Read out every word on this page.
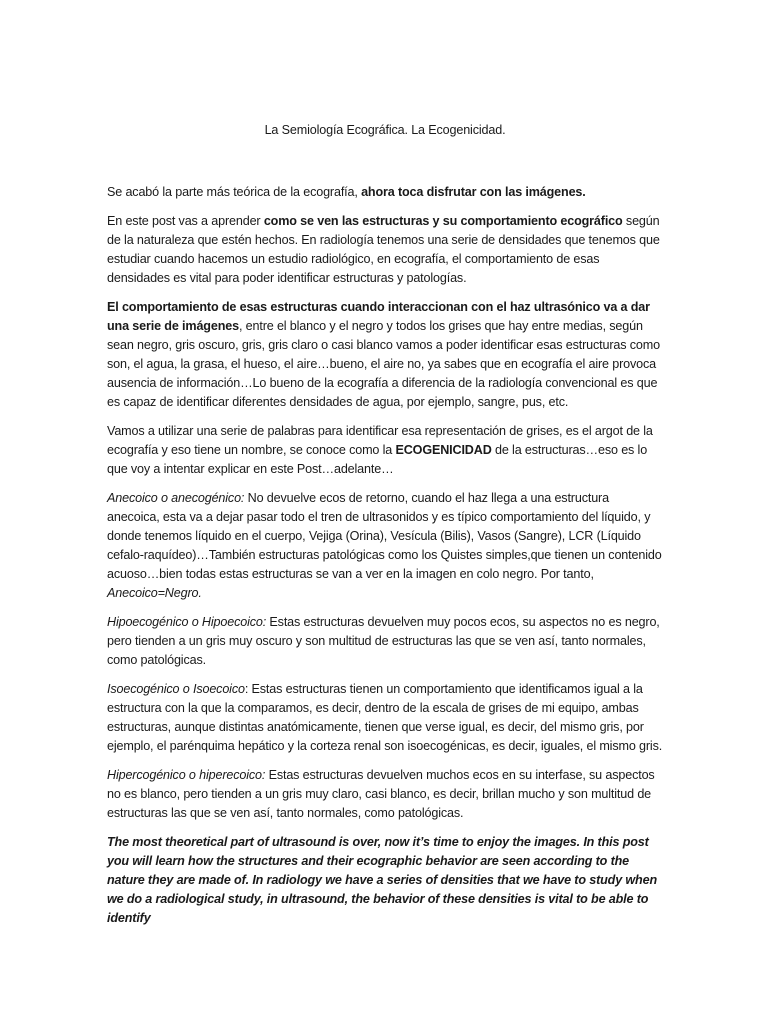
La Semiología Ecográfica. La Ecogenicidad.

Se acabó la parte más teórica de la ecografía, ahora toca disfrutar con las imágenes.

En este post vas a aprender como se ven las estructuras y su comportamiento ecográfico según de la naturaleza que estén hechos. En radiología tenemos una serie de densidades que tenemos que estudiar cuando hacemos un estudio radiológico, en ecografía, el comportamiento de esas densidades es vital para poder identificar estructuras y patologías.

El comportamiento de esas estructuras cuando interaccionan con el haz ultrasónico va a dar una serie de imágenes, entre el blanco y el negro y todos los grises que hay entre medias, según sean negro, gris oscuro, gris, gris claro o casi blanco vamos a poder identificar esas estructuras como son, el agua, la grasa, el hueso, el aire…bueno, el aire no, ya sabes que en ecografía el aire provoca ausencia de información…Lo bueno de la ecografía a diferencia de la radiología convencional es que es capaz de identificar diferentes densidades de agua, por ejemplo, sangre, pus, etc.

Vamos a utilizar una serie de palabras para identificar esa representación de grises, es el argot de la ecografía y eso tiene un nombre, se conoce como la ECOGENICIDAD de la estructuras…eso es lo que voy a intentar explicar en este Post…adelante…

Anecoico o anecogénico: No devuelve ecos de retorno, cuando el haz llega a una estructura anecoica, esta va a dejar pasar todo el tren de ultrasonidos y es típico comportamiento del líquido, y donde tenemos líquido en el cuerpo, Vejiga (Orina), Vesícula (Bilis), Vasos (Sangre), LCR (Líquido cefalo-raquídeo)…También estructuras patológicas como los Quistes simples,que tienen un contenido acuoso…bien todas estas estructuras se van a ver en la imagen en colo negro. Por tanto, Anecoico=Negro.

Hipoecogénico o Hipoecoico: Estas estructuras devuelven muy pocos ecos, su aspectos no es negro, pero tienden a un gris muy oscuro y son multitud de estructuras las que se ven así, tanto normales, como patológicas.

Isoecogénico o Isoecoico: Estas estructuras tienen un comportamiento que identificamos igual a la estructura con la que la comparamos, es decir, dentro de la escala de grises de mi equipo, ambas estructuras, aunque distintas anatómicamente, tienen que verse igual, es decir, del mismo gris, por ejemplo, el parénquima hepático y la corteza renal son isoecogénicas, es decir, iguales, el mismo gris.

Hipercogénico o hiperecoico: Estas estructuras devuelven muchos ecos en su interfase, su aspectos no es blanco, pero tienden a un gris muy claro, casi blanco, es decir, brillan mucho y son multitud de estructuras las que se ven así, tanto normales, como patológicas.

The most theoretical part of ultrasound is over, now it’s time to enjoy the images. In this post you will learn how the structures and their ecographic behavior are seen according to the nature they are made of. In radiology we have a series of densities that we have to study when we do a radiological study, in ultrasound, the behavior of these densities is vital to be able to identify
